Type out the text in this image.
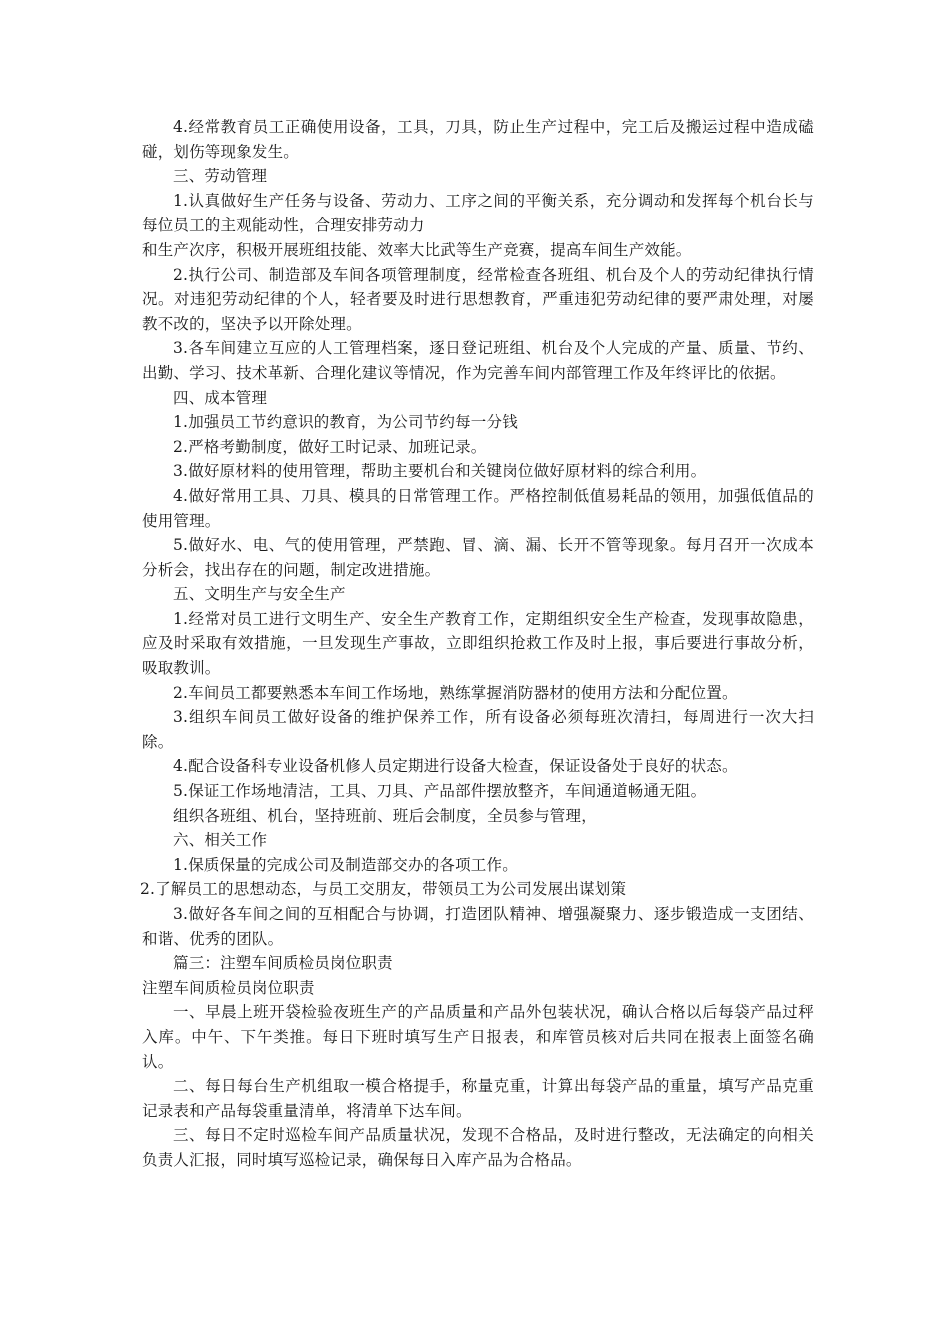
4.经常教育员工正确使用设备，工具，刀具，防止生产过程中，完工后及搬运过程中造成磕碰，划伤等现象发生。

三、劳动管理

1.认真做好生产任务与设备、劳动力、工序之间的平衡关系，充分调动和发挥每个机台长与每位员工的主观能动性，合理安排劳动力

和生产次序，积极开展班组技能、效率大比武等生产竞赛，提高车间生产效能。

2.执行公司、制造部及车间各项管理制度，经常检查各班组、机台及个人的劳动纪律执行情况。对违犯劳动纪律的个人，轻者要及时进行思想教育，严重违犯劳动纪律的要严肃处理，对屡教不改的，坚决予以开除处理。

3.各车间建立互应的人工管理档案，逐日登记班组、机台及个人完成的产量、质量、节约、出勤、学习、技术革新、合理化建议等情况，作为完善车间内部管理工作及年终评比的依据。

四、成本管理

1.加强员工节约意识的教育，为公司节约每一分钱

2.严格考勤制度，做好工时记录、加班记录。

3.做好原材料的使用管理，帮助主要机台和关键岗位做好原材料的综合利用。

4.做好常用工具、刀具、模具的日常管理工作。严格控制低值易耗品的领用，加强低值品的使用管理。

5.做好水、电、气的使用管理，严禁跑、冒、滴、漏、长开不管等现象。每月召开一次成本分析会，找出存在的问题，制定改进措施。

五、文明生产与安全生产

1.经常对员工进行文明生产、安全生产教育工作，定期组织安全生产检查，发现事故隐患，应及时采取有效措施，一旦发现生产事故，立即组织抢救工作及时上报，事后要进行事故分析，吸取教训。

2.车间员工都要熟悉本车间工作场地，熟练掌握消防器材的使用方法和分配位置。

3.组织车间员工做好设备的维护保养工作，所有设备必须每班次清扫，每周进行一次大扫除。

4.配合设备科专业设备机修人员定期进行设备大检查，保证设备处于良好的状态。

5.保证工作场地清洁，工具、刀具、产品部件摆放整齐，车间通道畅通无阻。

组织各班组、机台，坚持班前、班后会制度，全员参与管理，

六、相关工作

1.保质保量的完成公司及制造部交办的各项工作。

2.了解员工的思想动态，与员工交朋友，带领员工为公司发展出谋划策

3.做好各车间之间的互相配合与协调，打造团队精神、增强凝聚力、逐步锻造成一支团结、和谐、优秀的团队。

篇三：注塑车间质检员岗位职责

注塑车间质检员岗位职责

一、早晨上班开袋检验夜班生产的产品质量和产品外包装状况，确认合格以后每袋产品过秤入库。中午、下午类推。每日下班时填写生产日报表，和库管员核对后共同在报表上面签名确认。

二、每日每台生产机组取一模合格提手，称量克重，计算出每袋产品的重量，填写产品克重记录表和产品每袋重量清单，将清单下达车间。

三、每日不定时巡检车间产品质量状况，发现不合格品，及时进行整改，无法确定的向相关负责人汇报，同时填写巡检记录，确保每日入库产品为合格品。
